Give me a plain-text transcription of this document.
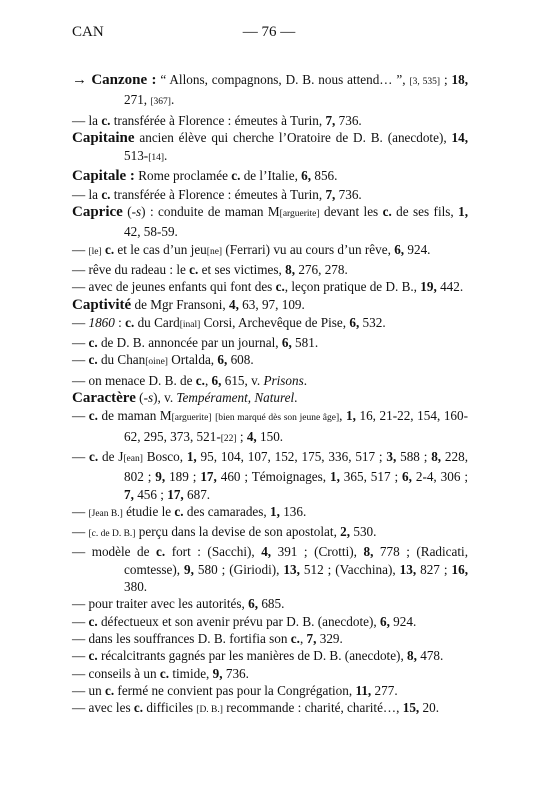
CAN	— 76 —

→ Canzone : “ Allons, compagnons, D. B. nous attend… ”, [3, 535] ; 18, 271, [367].

— la c. transférée à Florence : émeutes à Turin, 7, 736.

Capitaine ancien élève qui cherche l’Oratoire de D. B. (anecdote), 14, 513-[14].

Capitale : Rome proclamée c. de l’Italie, 6, 856.

— la c. transférée à Florence : émeutes à Turin, 7, 736.

Caprice (-s) : conduite de maman M[arguerite] devant les c. de ses fils, 1, 42, 58-59.

— [le] c. et le cas d’un jeu[ne] (Ferrari) vu au cours d’un rêve, 6, 924.

— rêve du radeau : le c. et ses victimes, 8, 276, 278.

— avec de jeunes enfants qui font des c., leçon pratique de D. B., 19, 442.

Captivité de Mgr Fransoni, 4, 63, 97, 109.

— 1860 : c. du Card[inal] Corsi, Archevêque de Pise, 6, 532.

— c. de D. B. annoncée par un journal, 6, 581.

— c. du Chan[oine] Ortalda, 6, 608.

— on menace D. B. de c., 6, 615, v. Prisons.

Caractère (-s), v. Tempérament, Naturel.

— c. de maman M[arguerite] [bien marqué dès son jeune âge], 1, 16, 21-22, 154, 160-62, 295, 373, 521-[22] ; 4, 150.

— c. de J[ean] Bosco, 1, 95, 104, 107, 152, 175, 336, 517 ; 3, 588 ; 8, 228, 802 ; 9, 189 ; 17, 460 ; Témoignages, 1, 365, 517 ; 6, 2-4, 306 ; 7, 456 ; 17, 687.

— [Jean B.] étudie le c. des camarades, 1, 136.

— [c. de D. B.] perçu dans la devise de son apostolat, 2, 530.

— modèle de c. fort : (Sacchi), 4, 391 ; (Crotti), 8, 778 ; (Radicati, comtesse), 9, 580 ; (Giriodi), 13, 512 ; (Vacchina), 13, 827 ; 16, 380.

— pour traiter avec les autorités, 6, 685.

— c. défectueux et son avenir prévu par D. B. (anecdote), 6, 924.

— dans les souffrances D. B. fortifia son c., 7, 329.

— c. récalcitrants gagnés par les manières de D. B. (anecdote), 8, 478.

— conseils à un c. timide, 9, 736.

— un c. fermé ne convient pas pour la Congrégation, 11, 277.

— avec les c. difficiles [D. B.] recommande : charité, charité…, 15, 20.
